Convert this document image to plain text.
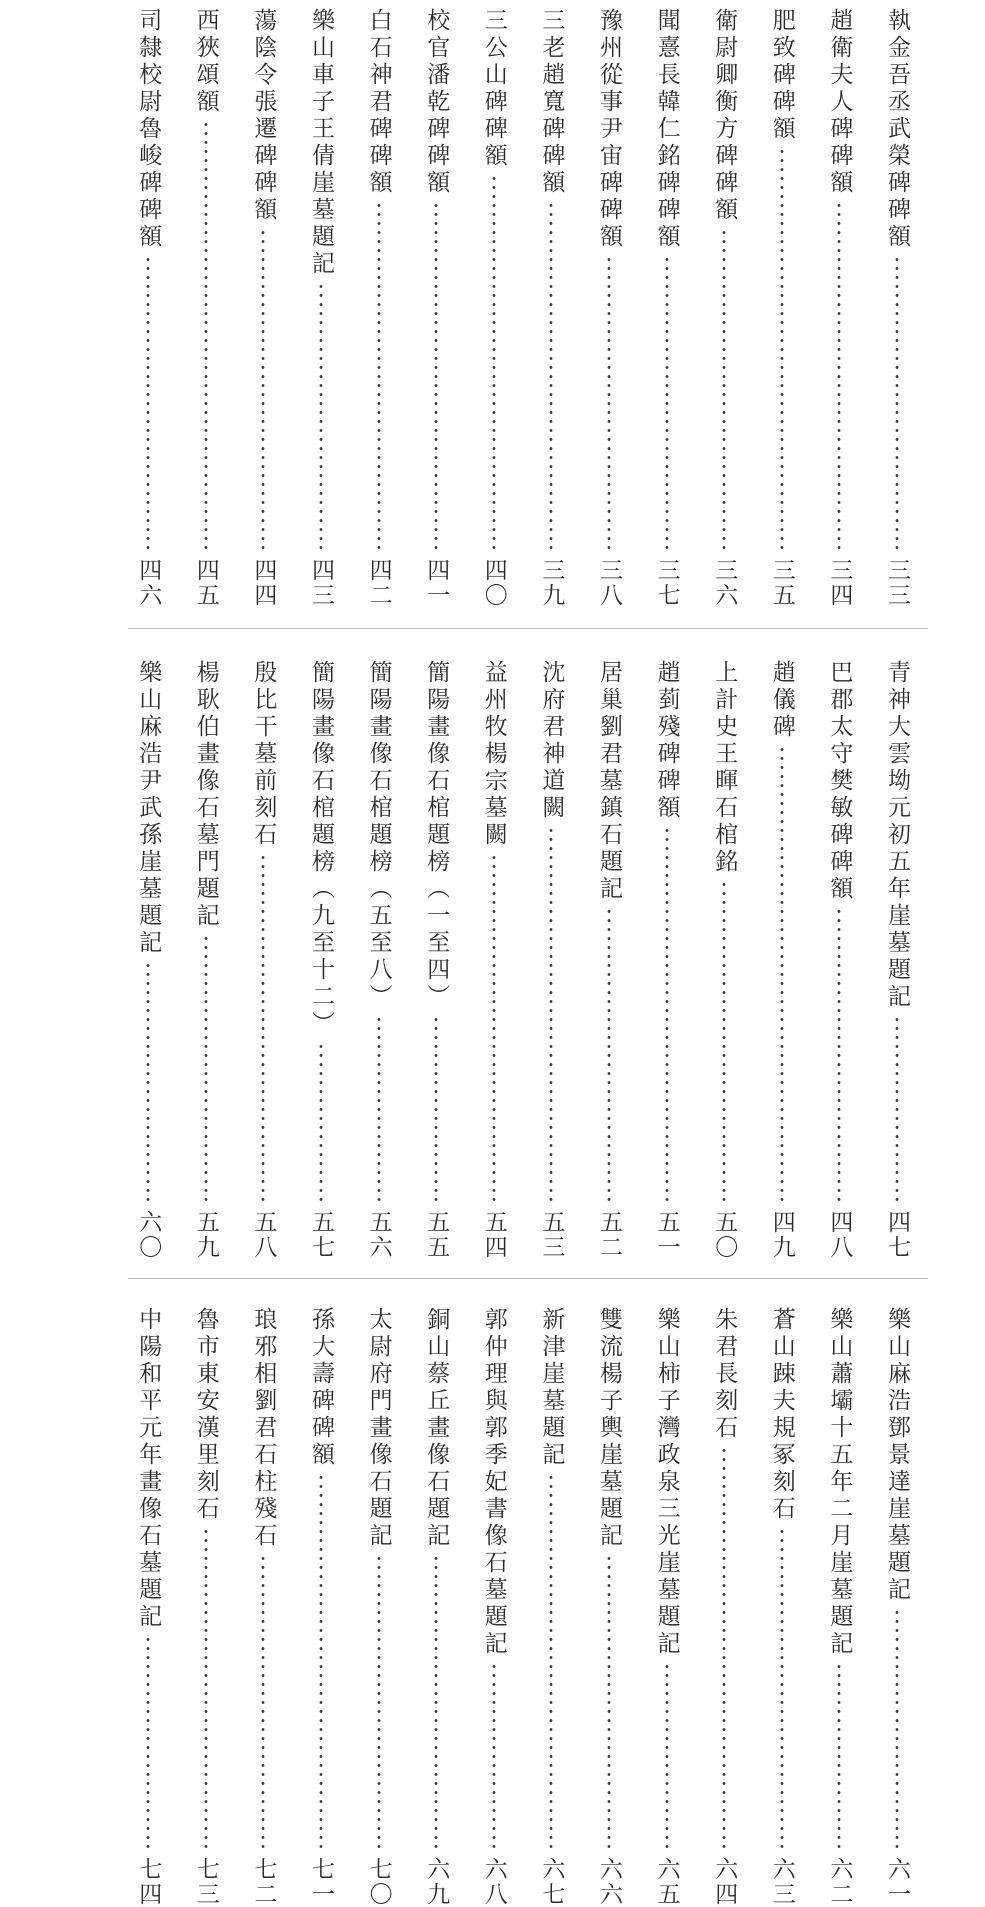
執金吾丞武榮碑碑額
三三
趙衛夫人碑碑額
三四
肥致碑碑額
三五
衛尉卿衡方碑碑額
三六
聞憙長韓仁銘碑碑額
三七
豫州從事尹宙碑碑額
三八
三老趙寬碑碑額
三九
三公山碑碑額
四〇
校官潘乾碑碑額
四一
白石神君碑碑額
四二
樂山車子王倩崖墓題記
四三
蕩陰令張遷碑碑額
四四
西狹頌額
四五
司隸校尉魯峻碑碑額
四六
青神大雲坳元初五年崖墓題記
四七
巴郡太守樊敏碑碑額
四八
趙儀碑
四九
上計史王暉石棺銘
五〇
趙菿殘碑碑額
五一
居巢劉君墓鎮石題記
五二
沈府君神道闕
五三
益州牧楊宗墓闕
五四
簡陽畫像石棺題榜（一至四）
五五
簡陽畫像石棺題榜（五至八）
五六
簡陽畫像石棺題榜（九至十二）
五七
殷比干墓前刻石
五八
楊耿伯畫像石墓門題記
五九
樂山麻浩尹武孫崖墓題記
六〇
樂山麻浩鄧景達崖墓題記
六一
樂山蕭壩十五年二月崖墓題記
六二
蒼山踈夫規冢刻石
六三
朱君長刻石
六四
樂山柿子灣政泉三光崖墓題記
六五
雙流楊子輿崖墓題記
六六
新津崖墓題記
六七
郭仲理與郭季妃書像石墓題記
六八
銅山蔡丘畫像石題記
六九
太尉府門畫像石題記
七〇
孫大壽碑碑額
七一
琅邪相劉君石柱殘石
七二
魯市東安漢里刻石
七三
中陽和平元年畫像石墓題記
七四
